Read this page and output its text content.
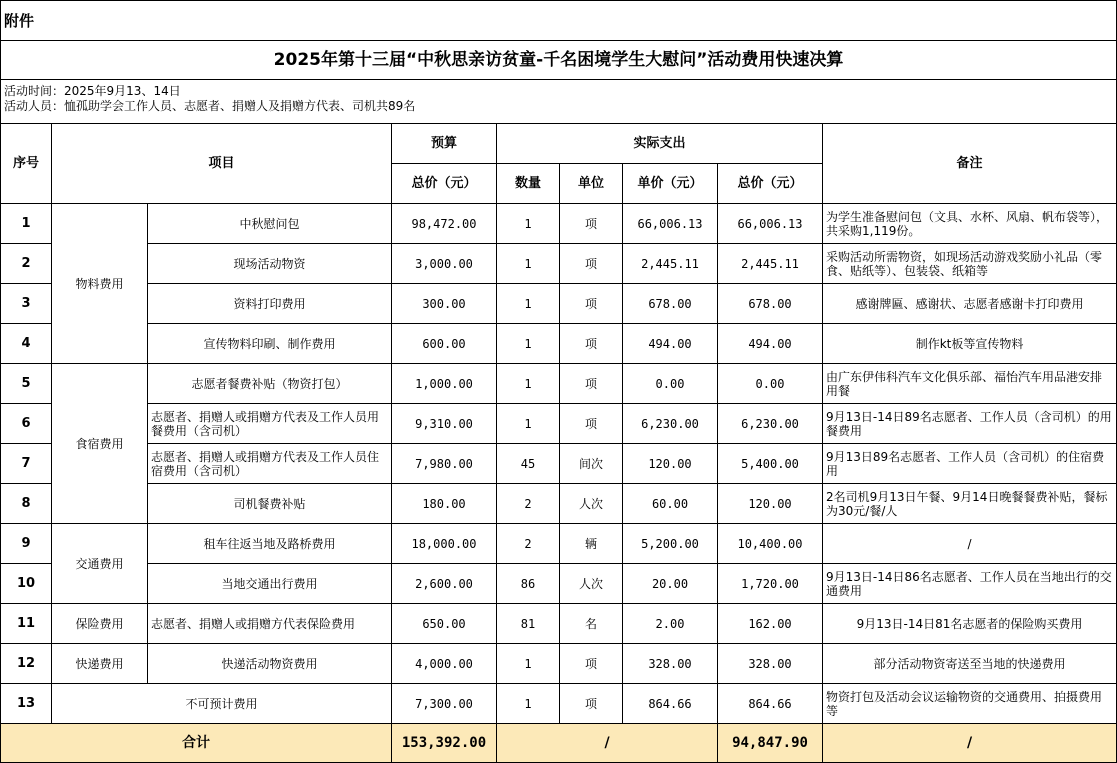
附件								
2025年第十三届“中秋思亲访贫童-千名困境学生大慰问”活动费用快速决算								

活动时间：2025年9月13、14日
活动人员：恤孤助学会工作人员、志愿者、捐赠人及捐赠方代表、司机共89名								

序号	项目		预算	实际支出				备注
			总价（元）	数量	单位	单价（元）	总价（元）	
1	物料费用	中秋慰问包	98,472.00	1	项	66,006.13	66,006.13	为学生准备慰问包（文具、水杯、风扇、帆布袋等），共采购1,119份。
2		现场活动物资	3,000.00	1	项	2,445.11	2,445.11	采购活动所需物资，如现场活动游戏奖励小礼品（零食、贴纸等）、包装袋、纸箱等
3		资料打印费用	300.00	1	项	678.00	678.00	感谢牌匾、感谢状、志愿者感谢卡打印费用
4		宣传物料印刷、制作费用	600.00	1	项	494.00	494.00	制作kt板等宣传物料
5	食宿费用	志愿者餐费补贴（物资打包）	1,000.00	1	项	0.00	0.00	由广东伊伟科汽车文化俱乐部、福怡汽车用品港安排用餐
6		志愿者、捐赠人或捐赠方代表及工作人员用餐费用（含司机）	9,310.00	1	项	6,230.00	6,230.00	9月13日-14日89名志愿者、工作人员（含司机）的用餐费用
7		志愿者、捐赠人或捐赠方代表及工作人员住宿费用（含司机）	7,980.00	45	间次	120.00	5,400.00	9月13日89名志愿者、工作人员（含司机）的住宿费用
8		司机餐费补贴	180.00	2	人次	60.00	120.00	2名司机9月13日午餐、9月14日晚餐餐费补贴，餐标为30元/餐/人
9	交通费用	租车往返当地及路桥费用	18,000.00	2	辆	5,200.00	10,400.00	/
10		当地交通出行费用	2,600.00	86	人次	20.00	1,720.00	9月13日-14日86名志愿者、工作人员在当地出行的交通费用
11	保险费用	志愿者、捐赠人或捐赠方代表保险费用	650.00	81	名	2.00	162.00	9月13日-14日81名志愿者的保险购买费用
12	快递费用	快递活动物资费用	4,000.00	1	项	328.00	328.00	部分活动物资寄送至当地的快递费用
13	不可预计费用		7,300.00	1	项	864.66	864.66	物资打包及活动会议运输物资的交通费用、拍摄费用等
合计			153,392.00	/			94,847.90	/
